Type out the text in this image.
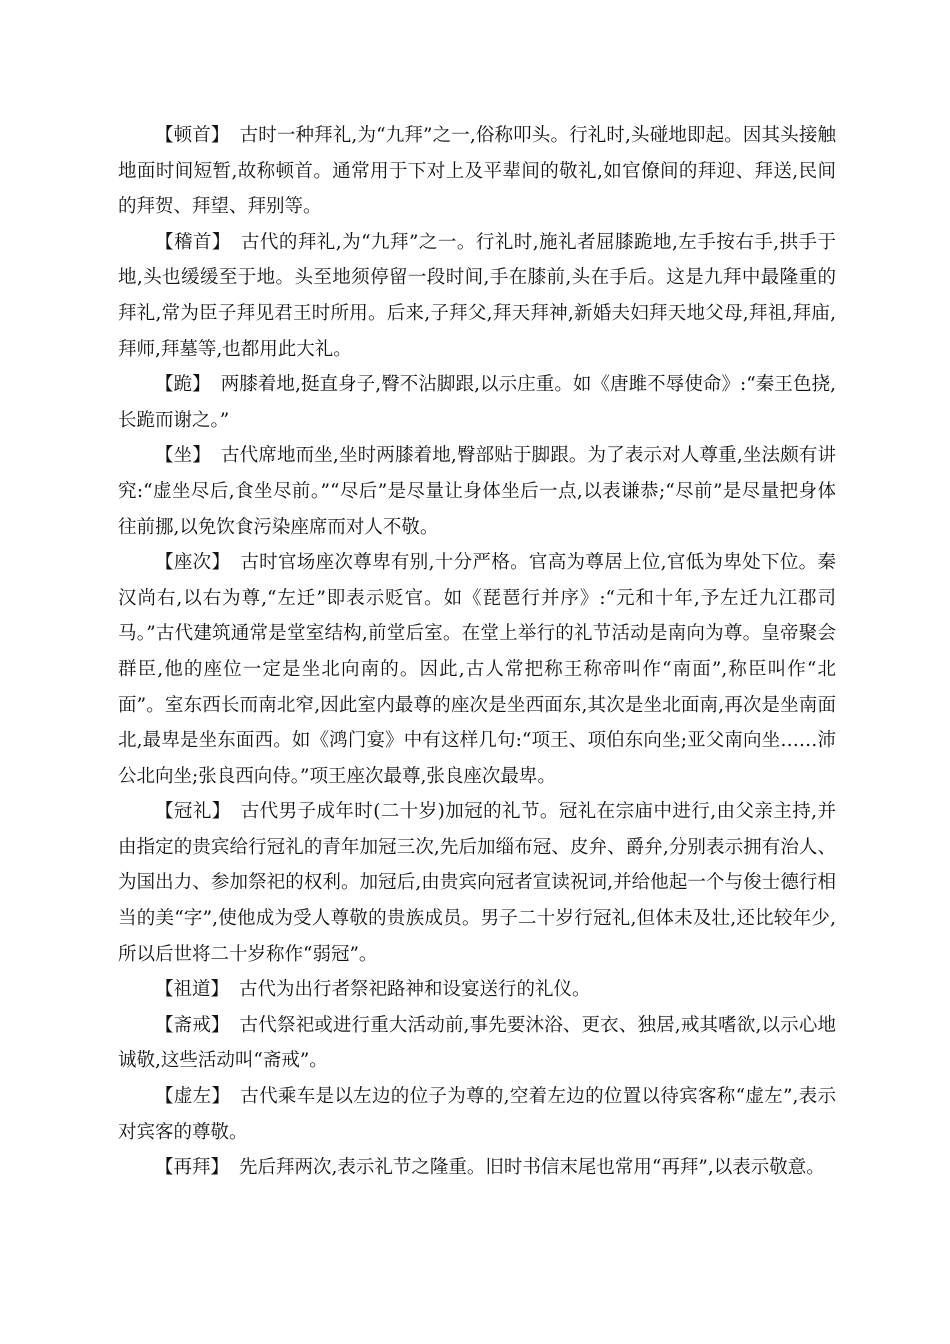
【顿首】 古时一种拜礼,为“九拜”之一,俗称叩头。行礼时,头碰地即起。因其头接触地面时间短暂,故称顿首。通常用于下对上及平辈间的敬礼,如官僚间的拜迎、拜送,民间的拜贺、拜望、拜别等。

【稽首】 古代的拜礼,为“九拜”之一。行礼时,施礼者屈膝跪地,左手按右手,拱手于地,头也缓缓至于地。头至地须停留一段时间,手在膝前,头在手后。这是九拜中最隆重的拜礼,常为臣子拜见君王时所用。后来,子拜父,拜天拜神,新婚夫妇拜天地父母,拜祖,拜庙,拜师,拜墓等,也都用此大礼。

【跪】 两膝着地,挺直身子,臀不沾脚跟,以示庄重。如《唐雎不辱使命》:“秦王色挠,长跪而谢之。”

【坐】 古代席地而坐,坐时两膝着地,臀部贴于脚跟。为了表示对人尊重,坐法颇有讲究:“虚坐尽后,食坐尽前。”“尽后”是尽量让身体坐后一点,以表谦恭;“尽前”是尽量把身体往前挪,以免饮食污染座席而对人不敬。

【座次】 古时官场座次尊卑有别,十分严格。官高为尊居上位,官低为卑处下位。秦汉尚右,以右为尊,“左迁”即表示贬官。如《琵琶行并序》:“元和十年,予左迁九江郡司马。”古代建筑通常是堂室结构,前堂后室。在堂上举行的礼节活动是南向为尊。皇帝聚会群臣,他的座位一定是坐北向南的。因此,古人常把称王称帝叫作“南面”,称臣叫作“北面”。室东西长而南北窄,因此室内最尊的座次是坐西面东,其次是坐北面南,再次是坐南面北,最卑是坐东面西。如《鸿门宴》中有这样几句:“项王、项伯东向坐;亚父南向坐……沛公北向坐;张良西向侍。”项王座次最尊,张良座次最卑。

【冠礼】 古代男子成年时(二十岁)加冠的礼节。冠礼在宗庙中进行,由父亲主持,并由指定的贵宾给行冠礼的青年加冠三次,先后加缁布冠、皮弁、爵弁,分别表示拥有治人、为国出力、参加祭祀的权利。加冠后,由贵宾向冠者宣读祝词,并给他起一个与俊士德行相当的美“字”,使他成为受人尊敬的贵族成员。男子二十岁行冠礼,但体未及壮,还比较年少,所以后世将二十岁称作“弱冠”。

【祖道】 古代为出行者祭祀路神和设宴送行的礼仪。

【斋戒】 古代祭祀或进行重大活动前,事先要沐浴、更衣、独居,戒其嗜欲,以示心地诚敬,这些活动叫“斋戒”。

【虚左】 古代乘车是以左边的位子为尊的,空着左边的位置以待宾客称“虚左”,表示对宾客的尊敬。

【再拜】 先后拜两次,表示礼节之隆重。旧时书信末尾也常用“再拜”,以表示敬意。
